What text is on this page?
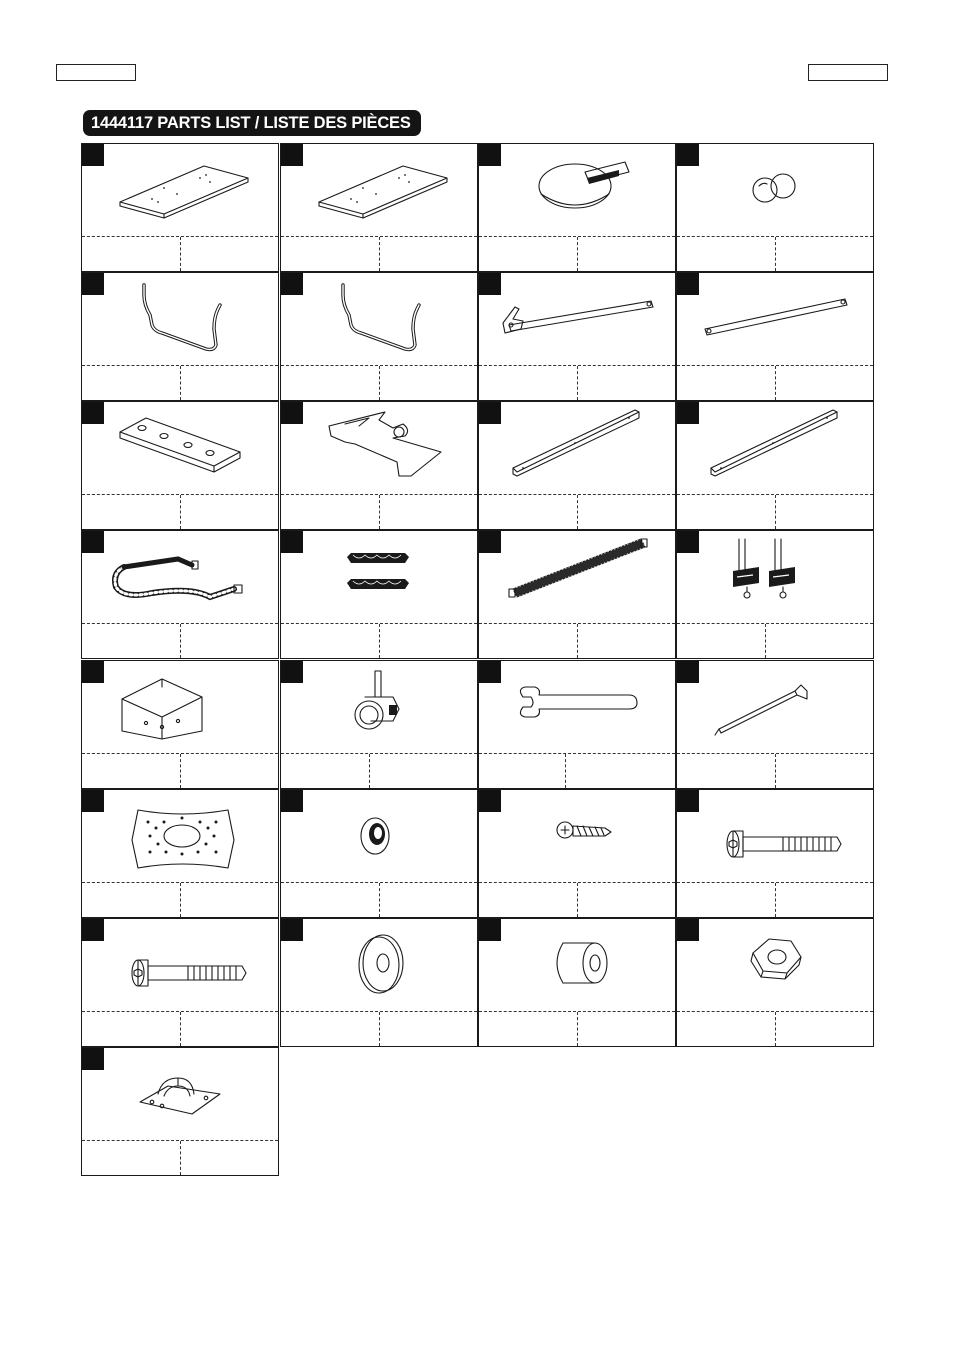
1444117 PARTS LIST / LISTE DES PIÈCES
